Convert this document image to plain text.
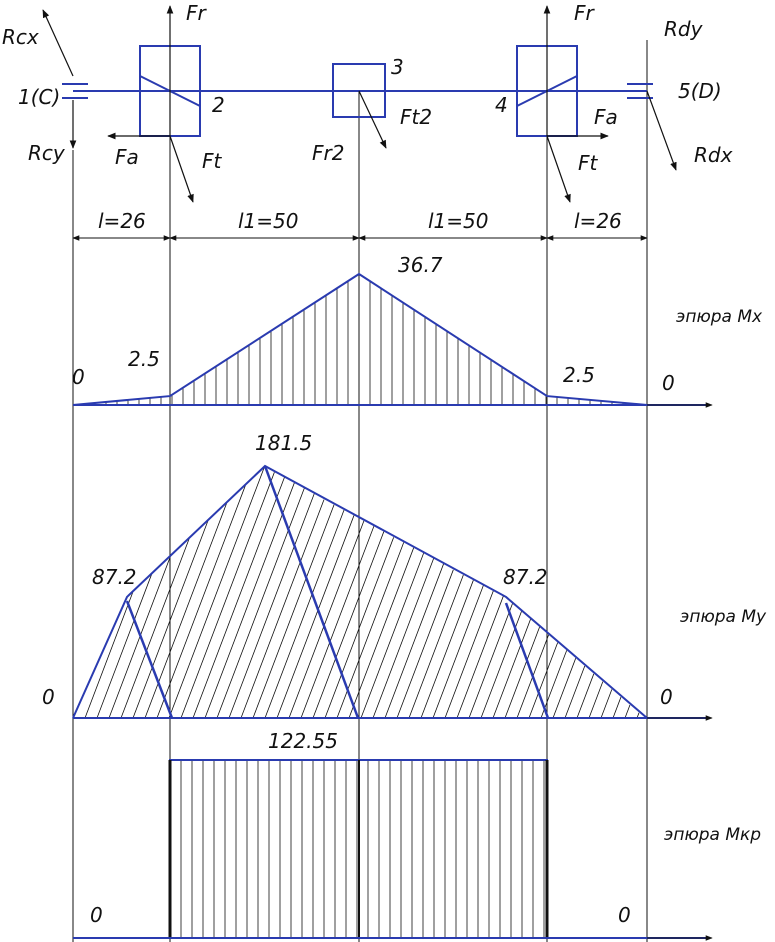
Rcx
1(C)
Rcy
Fr
Fa	Ft
2
3
Ft2
Fr2
4
Fr
Fa
Ft
Rdy
5(D)
Rdx
l=26	l1=50	l1=50	l=26
0
2.5
36.7
2.5	0
эпюра Mx
0
87.2
181.5
87.2
0
эпюра My
122.55
0	0
эпюра Mкр
